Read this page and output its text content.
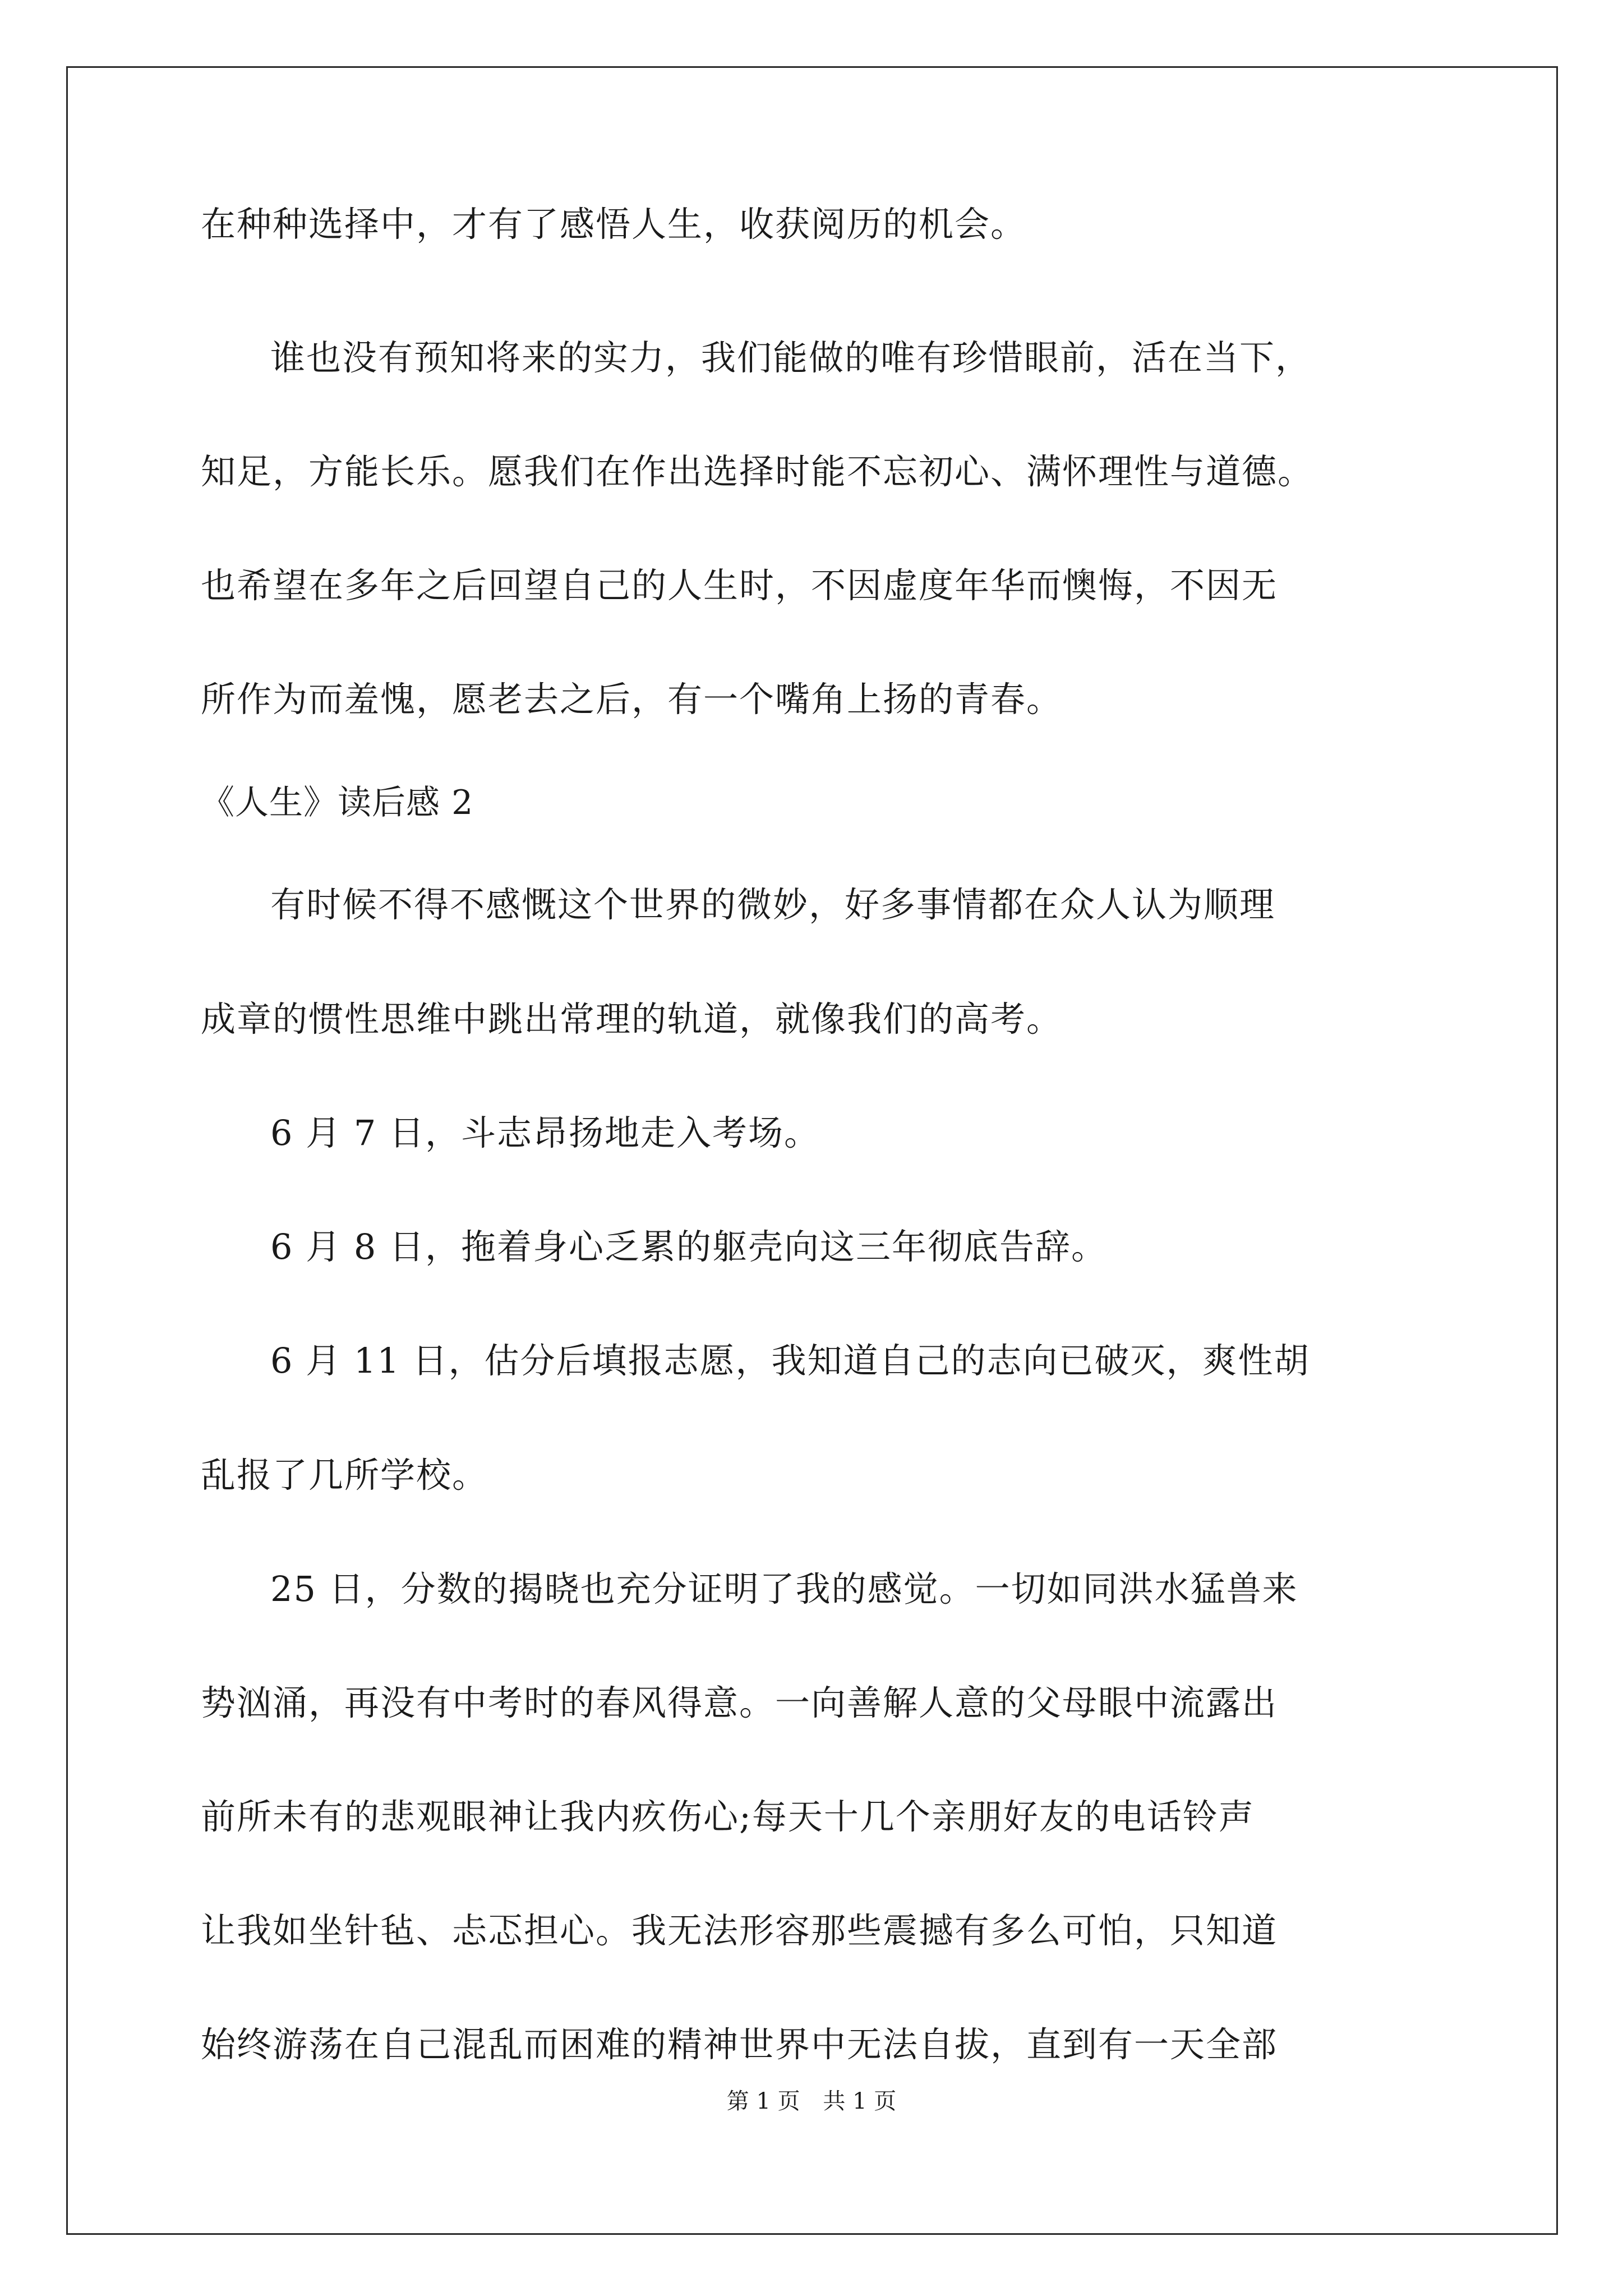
在种种选择中，才有了感悟人生，收获阅历的机会。
谁也没有预知将来的实力，我们能做的唯有珍惜眼前，活在当下，
知足，方能长乐。愿我们在作出选择时能不忘初心、满怀理性与道德。
也希望在多年之后回望自己的人生时，不因虚度年华而懊悔，不因无
所作为而羞愧，愿老去之后，有一个嘴角上扬的青春。
《人生》读后感 2
有时候不得不感慨这个世界的微妙，好多事情都在众人认为顺理
成章的惯性思维中跳出常理的轨道，就像我们的高考。
6 月 7 日，斗志昂扬地走入考场。
6 月 8 日，拖着身心乏累的躯壳向这三年彻底告辞。
6 月 11 日，估分后填报志愿，我知道自己的志向已破灭，爽性胡
乱报了几所学校。
25 日，分数的揭晓也充分证明了我的感觉。一切如同洪水猛兽来
势汹涌，再没有中考时的春风得意。一向善解人意的父母眼中流露出
前所未有的悲观眼神让我内疚伤心;每天十几个亲朋好友的电话铃声
让我如坐针毡、忐忑担心。我无法形容那些震撼有多么可怕，只知道
始终游荡在自己混乱而困难的精神世界中无法自拔，直到有一天全部
第 1 页 共 1 页
